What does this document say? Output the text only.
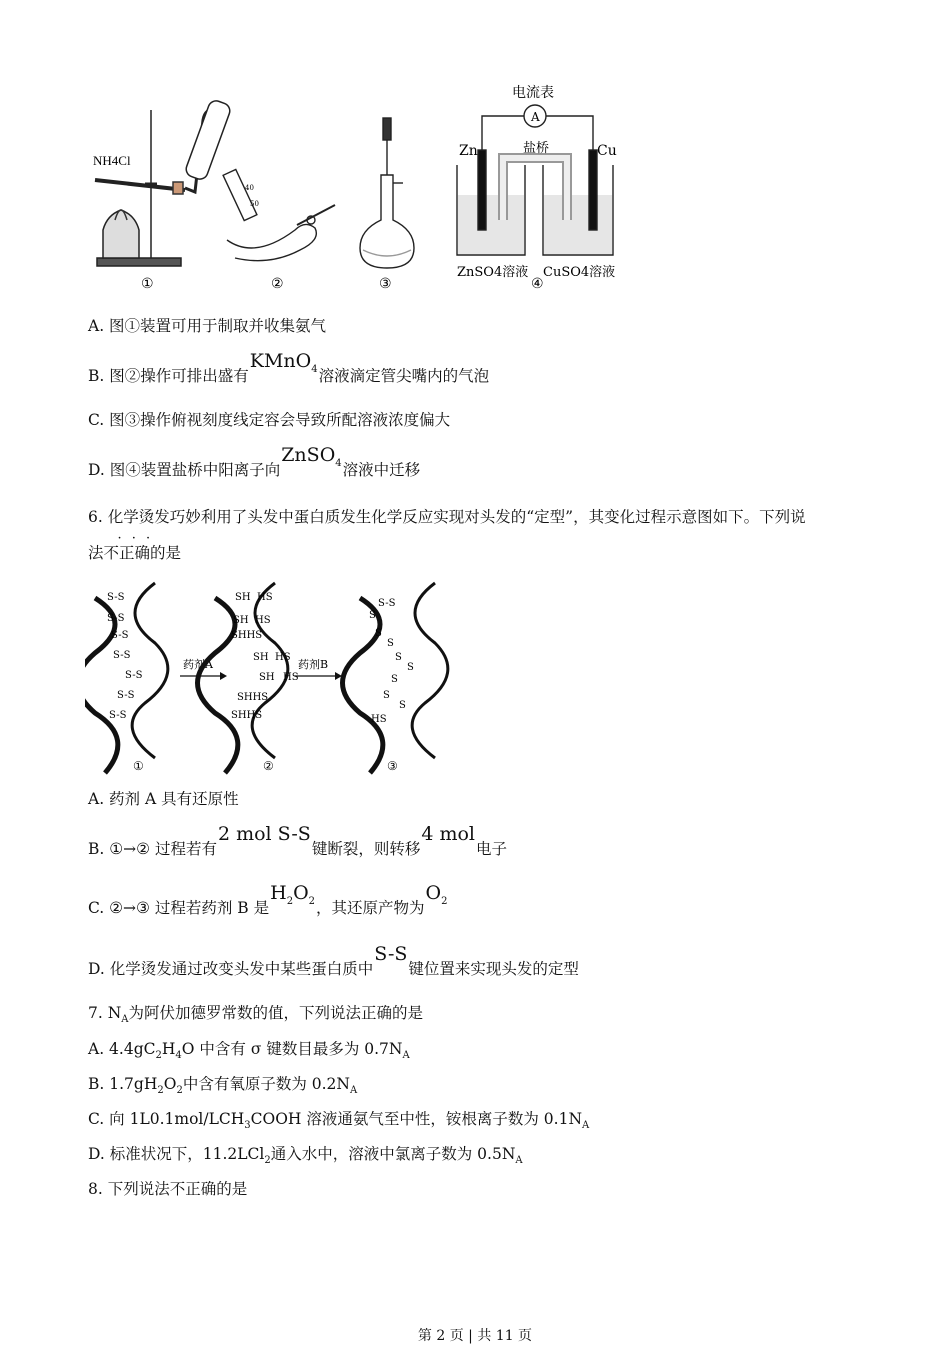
NH4Cl
40
50
电流表
A
Zn	Cu
盐桥
ZnSO4溶液 CuSO4溶液
①	②	③	④
A. 图①装置可用于制取并收集氨气
B. 图②操作可排出盛有KMnO$_4$溶液滴定管尖嘴内的气泡
C. 图③操作俯视刻度线定容会导致所配溶液浓度偏大
D. 图④装置盐桥中阳离子向ZnSO$_4$溶液中迁移
6. 化学烫发巧妙利用了头发中蛋白质发生化学反应实现对头发的“定型”，其变化过程示意图如下。下列说
法不正确 · · ·的是
S-S
S-S
S-S
S-S
S-S
S-S
S-S
药剂A
SH HS
SH HS
SHHS
SH HS
SH HS
SHHS
SHHS
药剂B
S-S
S
S
S
S
S
S
S
S
HS
①	②	③
A. 药剂 A 具有还原性
B. ①→② 过程若有2 mol S-S键断裂，则转移4 mol电子
C. ②→③ 过程若药剂 B 是$H_2O_2$，其还原产物为$O_2$
D. 化学烫发通过改变头发中某些蛋白质中S-S键位置来实现头发的定型
7. $N_A$为阿伏加德罗常数的值，下列说法正确的是
A. $4.4gC_2H_4O$ 中含有 σ 键数目最多为 $0.7N_A$
B. $1.7gH_2O_2$中含有氧原子数为 $0.2N_A$
C. 向 $1L0.1mol/LCH_3COOH$ 溶液通氨气至中性，铵根离子数为 $0.1N_A$
D. 标准状况下，11.2LCl$_2$通入水中，溶液中氯离子数为 $0.5N_A$
8. 下列说法不正确的是
第 2 页 | 共 11 页
